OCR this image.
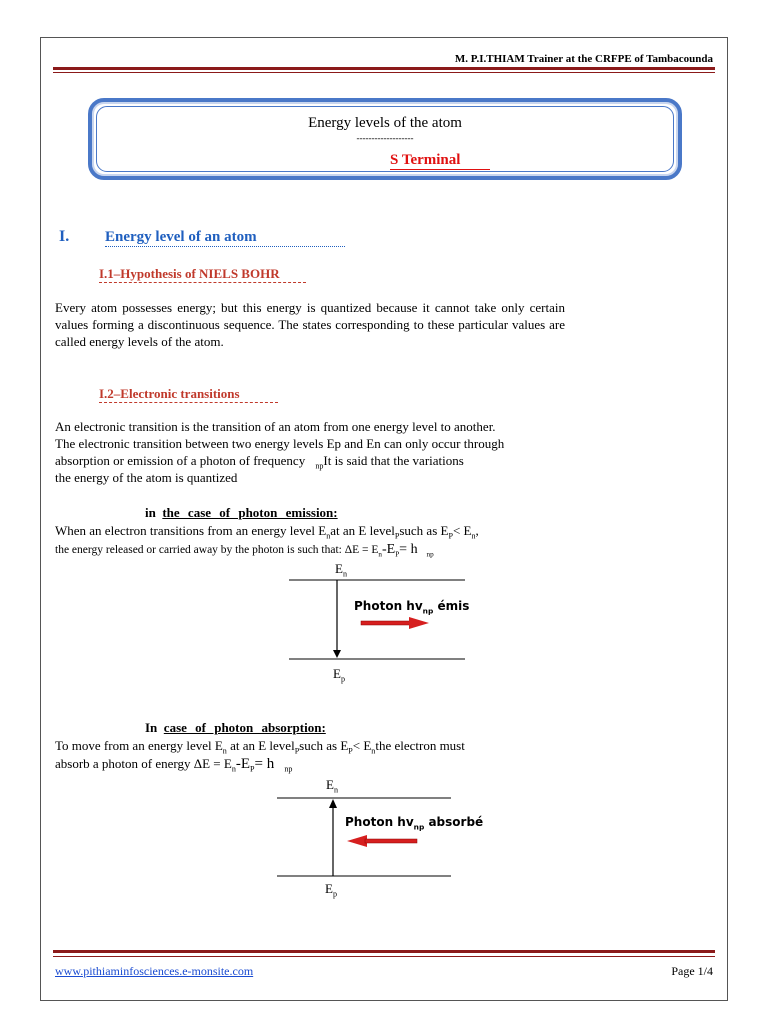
M. P.I.THIAM Trainer at the CRFPE of Tambacounda
Energy levels of the atom
-------------------
S Terminal
I. Energy level of an atom
I.1–Hypothesis of NIELS BOHR
Every atom possesses energy; but this energy is quantized because it cannot take only certain values forming a discontinuous sequence. The states corresponding to these particular values are called energy levels of the atom.
I.2–Electronic transitions
An electronic transition is the transition of an atom from one energy level to another.
The electronic transition between two energy levels Ep and En can only occur through
absorption or emission of a photon of frequency $_{np}$It is said that the variations
the energy of the atom is quantized
in the case of photon emission:
When an electron transitions from an energy level $E_nat$ an E level$_P$such as $E_P< E_n$,
the energy released or carried away by the photon is such that: $\Delta E = E_n-E_P= h$ $_{np}$
$E_n$
$E_p$
Photon $hv_{np}$ émis
In case of photon absorption:
To move from an energy level $E_n$ at an E level$_P$such as $E_P< E_nthe$ electron must
absorb a photon of energy $\Delta E = E_n-E_P= h$ $_{np}$
$E_n$
$E_p$
Photon $hv_{np}$ absorbé
www.pithiaminfosciences.e-monsite.com	Page 1/4
